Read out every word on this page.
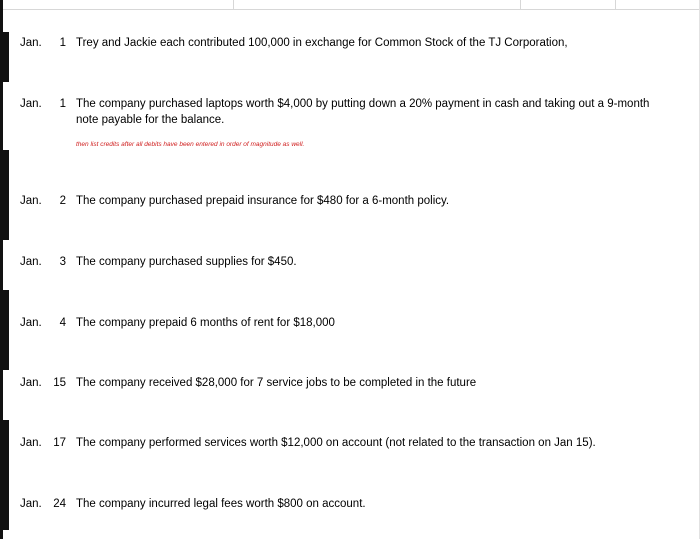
Jan.	1 Trey and Jackie each contributed 100,000 in exchange for Common Stock of the TJ Corporation,
Jan.	1 The company purchased laptops worth $4,000 by putting down a 20% payment in cash and taking out a 9-month
note payable for the balance.
then list credits after all debits have been entered in order of magnitude as well.
Jan.	2 The company purchased prepaid insurance for $480 for a 6-month policy.
Jan.	3 The company purchased supplies for $450.
Jan.	4 The company prepaid 6 months of rent for $18,000
Jan. 15 The company received $28,000 for 7 service jobs to be completed in the future
Jan. 17 The company performed services worth $12,000 on account (not related to the transaction on Jan 15).
Jan. 24 The company incurred legal fees worth $800 on account.
